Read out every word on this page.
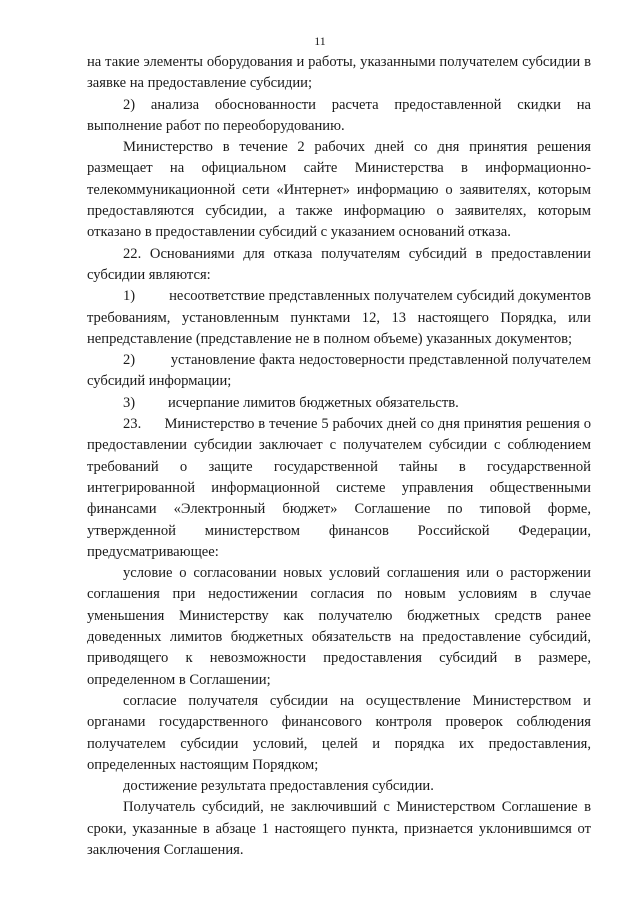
11

на такие элементы оборудования и работы, указанными получателем субсидии в заявке на предоставление субсидии;

2) анализа обоснованности расчета предоставленной скидки на выполнение работ по переоборудованию.

Министерство в течение 2 рабочих дней со дня принятия решения размещает на официальном сайте Министерства в информационно-телекоммуникационной сети «Интернет» информацию о заявителях, которым предоставляются субсидии, а также информацию о заявителях, которым отказано в предоставлении субсидий с указанием оснований отказа.

22. Основаниями для отказа получателям субсидий в предоставлении субсидии являются:

1)         несоответствие представленных получателем субсидий документов требованиям, установленным пунктами 12, 13 настоящего Порядка, или непредставление (представление не в полном объеме) указанных документов;

2)         установление факта недостоверности представленной получателем субсидий информации;

3)         исчерпание лимитов бюджетных обязательств.

23.      Министерство в течение 5 рабочих дней со дня принятия решения о предоставлении субсидии заключает с получателем субсидии с соблюдением требований о защите государственной тайны в государственной интегрированной информационной системе управления общественными финансами «Электронный бюджет» Соглашение по типовой форме, утвержденной министерством финансов Российской Федерации, предусматривающее:

условие о согласовании новых условий соглашения или о расторжении соглашения при недостижении согласия по новым условиям в случае уменьшения Министерству как получателю бюджетных средств ранее доведенных лимитов бюджетных обязательств на предоставление субсидий, приводящего к невозможности предоставления субсидий в размере, определенном в Соглашении;

согласие получателя субсидии на осуществление Министерством и органами государственного финансового контроля проверок соблюдения получателем субсидии условий, целей и порядка их предоставления, определенных настоящим Порядком;

достижение результата предоставления субсидии.

Получатель субсидий, не заключивший с Министерством Соглашение в сроки, указанные в абзаце 1 настоящего пункта, признается уклонившимся от заключения Соглашения.
